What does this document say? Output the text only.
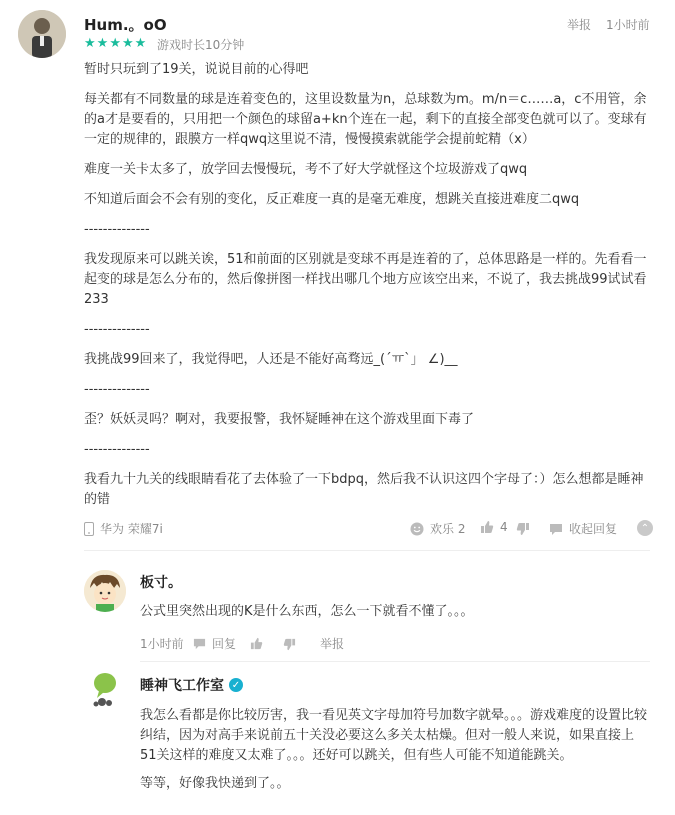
Hum.。oO
★ ★ ★ ★ ★ 游戏时长10分钟
举报 1小时前

暂时只玩到了19关，说说目前的心得吧

每关都有不同数量的球是连着变色的，这里设数量为n，总球数为m。m/n＝c……a，c不用管，余的a才是要看的，只用把一个颜色的球留a+kn个连在一起，剩下的直接全部变色就可以了。变球有一定的规律的，跟膜方一样qwq这里说不清，慢慢摸索就能学会提前蛇精（x）

难度一关卡太多了，放学回去慢慢玩，考不了好大学就怪这个垃圾游戏了qwq

不知道后面会不会有别的变化，反正难度一真的是毫无难度，想跳关直接进难度二qwq

--------------

我发现原来可以跳关诶，51和前面的区别就是变球不再是连着的了，总体思路是一样的。先看看一起变的球是怎么分布的，然后像拼图一样找出哪几个地方应该空出来，不说了，我去挑战99试试看233

--------------

我挑战99回来了，我觉得吧，人还是不能好高骛远_(´ㅠ`」 ∠)__

--------------

歪？妖妖灵吗？啊对，我要报警，我怀疑睡神在这个游戏里面下毒了

--------------

我看九十九关的线眼睛看花了去体验了一下bdpq，然后我不认识这四个字母了：）怎么想都是睡神的错

华为 荣耀7i	欢乐 2	4	收起回复	⌃
板寸。

公式里突然出现的K是什么东西，怎么一下就看不懂了。。。

1小时前 回复	举报
睡神飞工作室 ✓

我怎么看都是你比较厉害，我一看见英文字母加符号加数字就晕。。。游戏难度的设置比较纠结，因为对高手来说前五十关没必要这么多关太枯燥。但对一般人来说，如果直接上51关这样的难度又太难了。。。还好可以跳关，但有些人可能不知道能跳关。

等等，好像我快递到了。。
